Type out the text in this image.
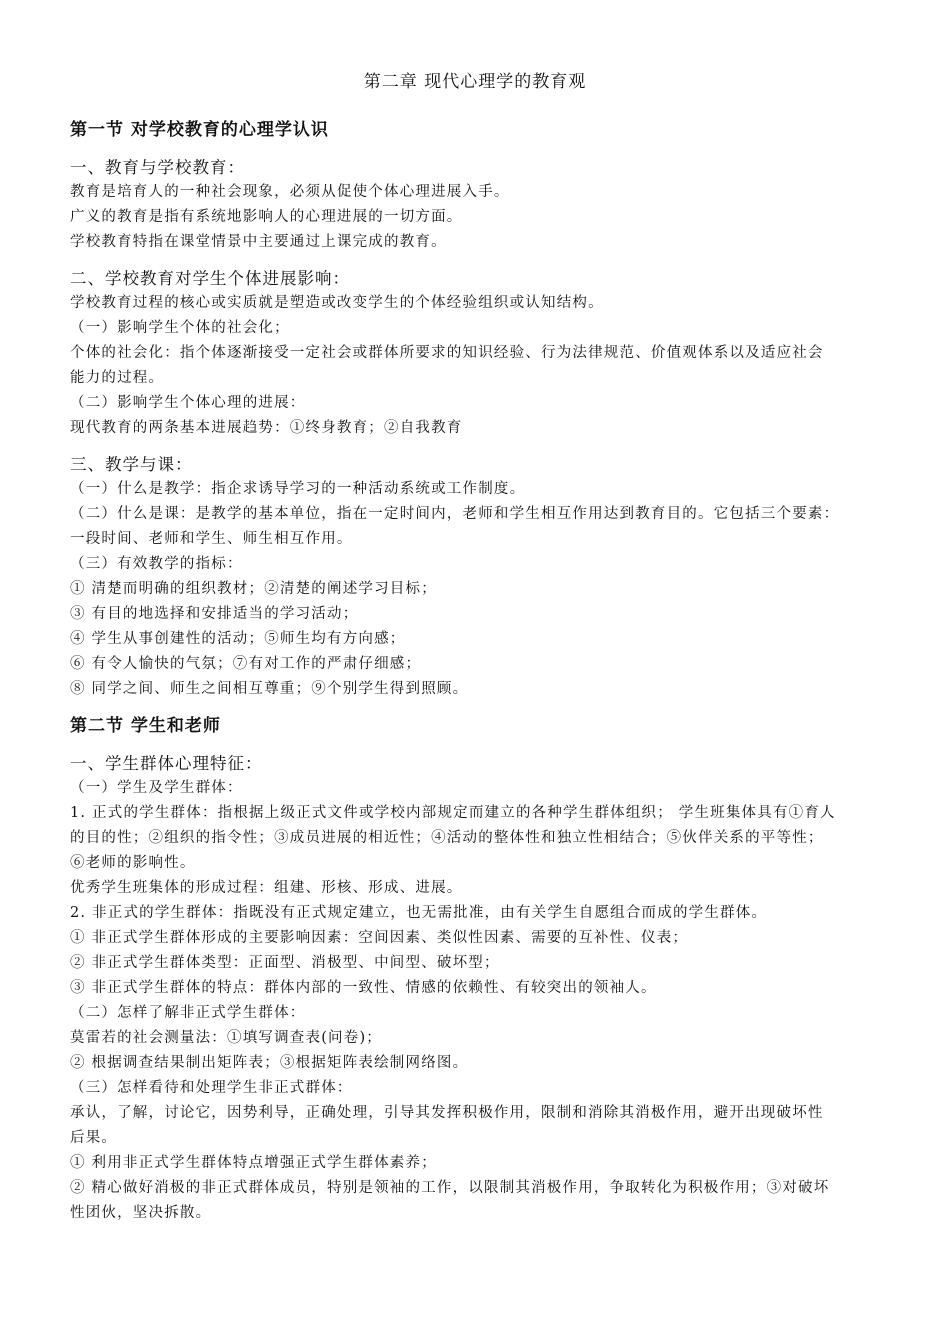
第二章 现代心理学的教育观
第一节 对学校教育的心理学认识
一、教育与学校教育：
教育是培育人的一种社会现象，必须从促使个体心理进展入手。
广义的教育是指有系统地影响人的心理进展的一切方面。
学校教育特指在课堂情景中主要通过上课完成的教育。
二、学校教育对学生个体进展影响：
学校教育过程的核心或实质就是塑造或改变学生的个体经验组织或认知结构。
（一）影响学生个体的社会化；
个体的社会化：指个体逐渐接受一定社会或群体所要求的知识经验、行为法律规范、价值观体系以及适应社会
能力的过程。
（二）影响学生个体心理的进展：
现代教育的两条基本进展趋势：①终身教育；②自我教育
三、教学与课：
（一）什么是教学：指企求诱导学习的一种活动系统或工作制度。
（二）什么是课：是教学的基本单位，指在一定时间内，老师和学生相互作用达到教育目的。它包括三个要素：
一段时间、老师和学生、师生相互作用。
（三）有效教学的指标：
① 清楚而明确的组织教材；②清楚的阐述学习目标；
③ 有目的地选择和安排适当的学习活动；
④ 学生从事创建性的活动；⑤师生均有方向感；
⑥ 有令人愉快的气氛；⑦有对工作的严肃仔细感；
⑧ 同学之间、师生之间相互尊重；⑨个别学生得到照顾。
第二节 学生和老师
一、学生群体心理特征：
（一）学生及学生群体：
1. 正式的学生群体：指根据上级正式文件或学校内部规定而建立的各种学生群体组织； 学生班集体具有①育人
的目的性；②组织的指令性；③成员进展的相近性；④活动的整体性和独立性相结合；⑤伙伴关系的平等性；
⑥老师的影响性。
优秀学生班集体的形成过程：组建、形核、形成、进展。
2. 非正式的学生群体：指既没有正式规定建立，也无需批准，由有关学生自愿组合而成的学生群体。
① 非正式学生群体形成的主要影响因素：空间因素、类似性因素、需要的互补性、仪表；
② 非正式学生群体类型：正面型、消极型、中间型、破坏型；
③ 非正式学生群体的特点：群体内部的一致性、情感的依赖性、有较突出的领袖人。
（二）怎样了解非正式学生群体：
莫雷若的社会测量法：①填写调查表(问卷)；
② 根据调查结果制出矩阵表；③根据矩阵表绘制网络图。
（三）怎样看待和处理学生非正式群体：
承认，了解，讨论它，因势利导，正确处理，引导其发挥积极作用，限制和消除其消极作用，避开出现破坏性
后果。
① 利用非正式学生群体特点增强正式学生群体素养；
② 精心做好消极的非正式群体成员，特别是领袖的工作，以限制其消极作用，争取转化为积极作用；③对破坏
性团伙，坚决拆散。
